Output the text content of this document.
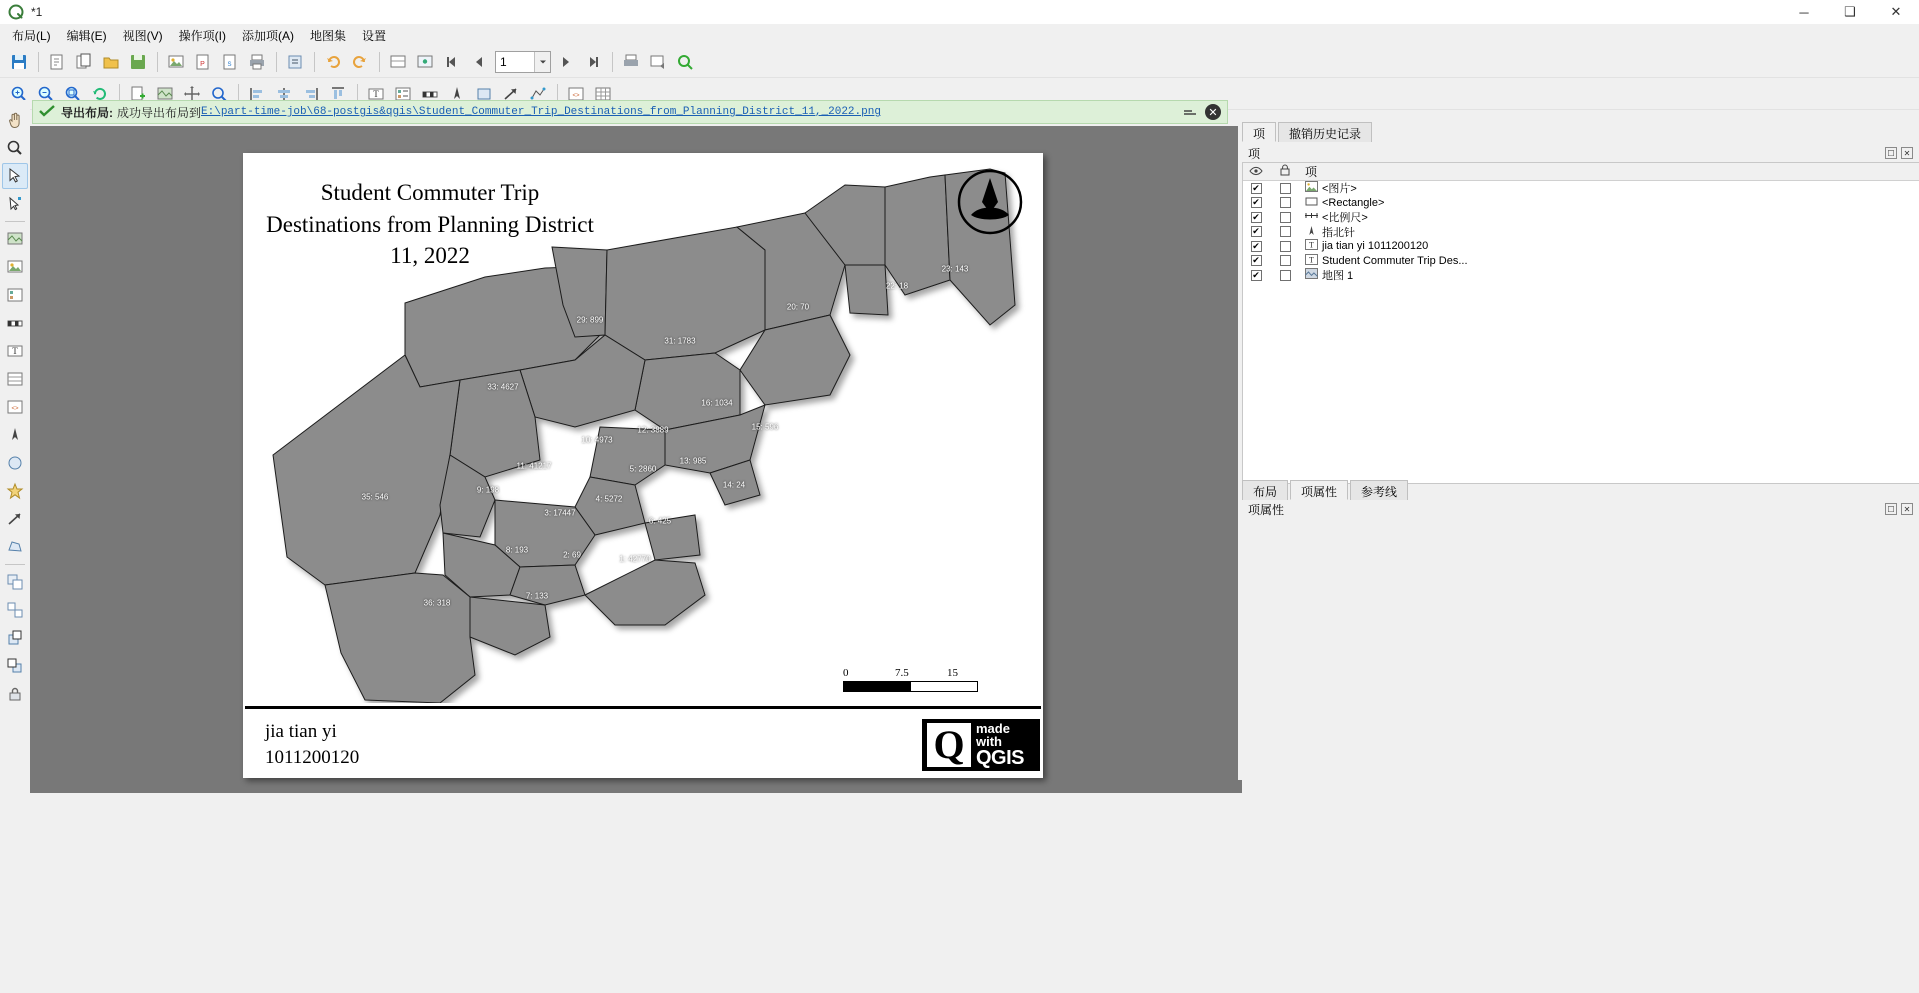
*1	─	❑	✕
布局(L)	编辑(E)	视图(V)	操作项(I)	添加项(A)	地图集	设置
P	S	1
T	<>
导出布局: 成功导出布局到 E:\part-time-job\68-postgis&qgis\Student_Commuter_Trip_Destinations_from_Planning_District_11,_2022.png	✕
T
<>
Student Commuter Trip Destinations from Planning District 11, 2022
0	7.5	15
29: 899
31: 1783
20: 70
22: 18
23: 143
33: 4627
16: 1034
12: 3889	15: 596
10: 4973
11: 41217
13: 985
9: 198
5: 2860
14: 24
35: 546	4: 5272
3: 17447
6: 425
8: 193
2: 69	1: 42770
7: 133
36: 318
jia tian yi
1011200120	Q made
with
QGIS
项	撤销历史记录
项	☐	✕
项
✔	<图片>
✔	<Rectangle>
✔	<比例尺>
✔	指北针
✔	T jia tian yi 1011200120
✔	T Student Commuter Trip Des...
✔	地图 1
布局	项属性	参考线
项属性	☐	✕
